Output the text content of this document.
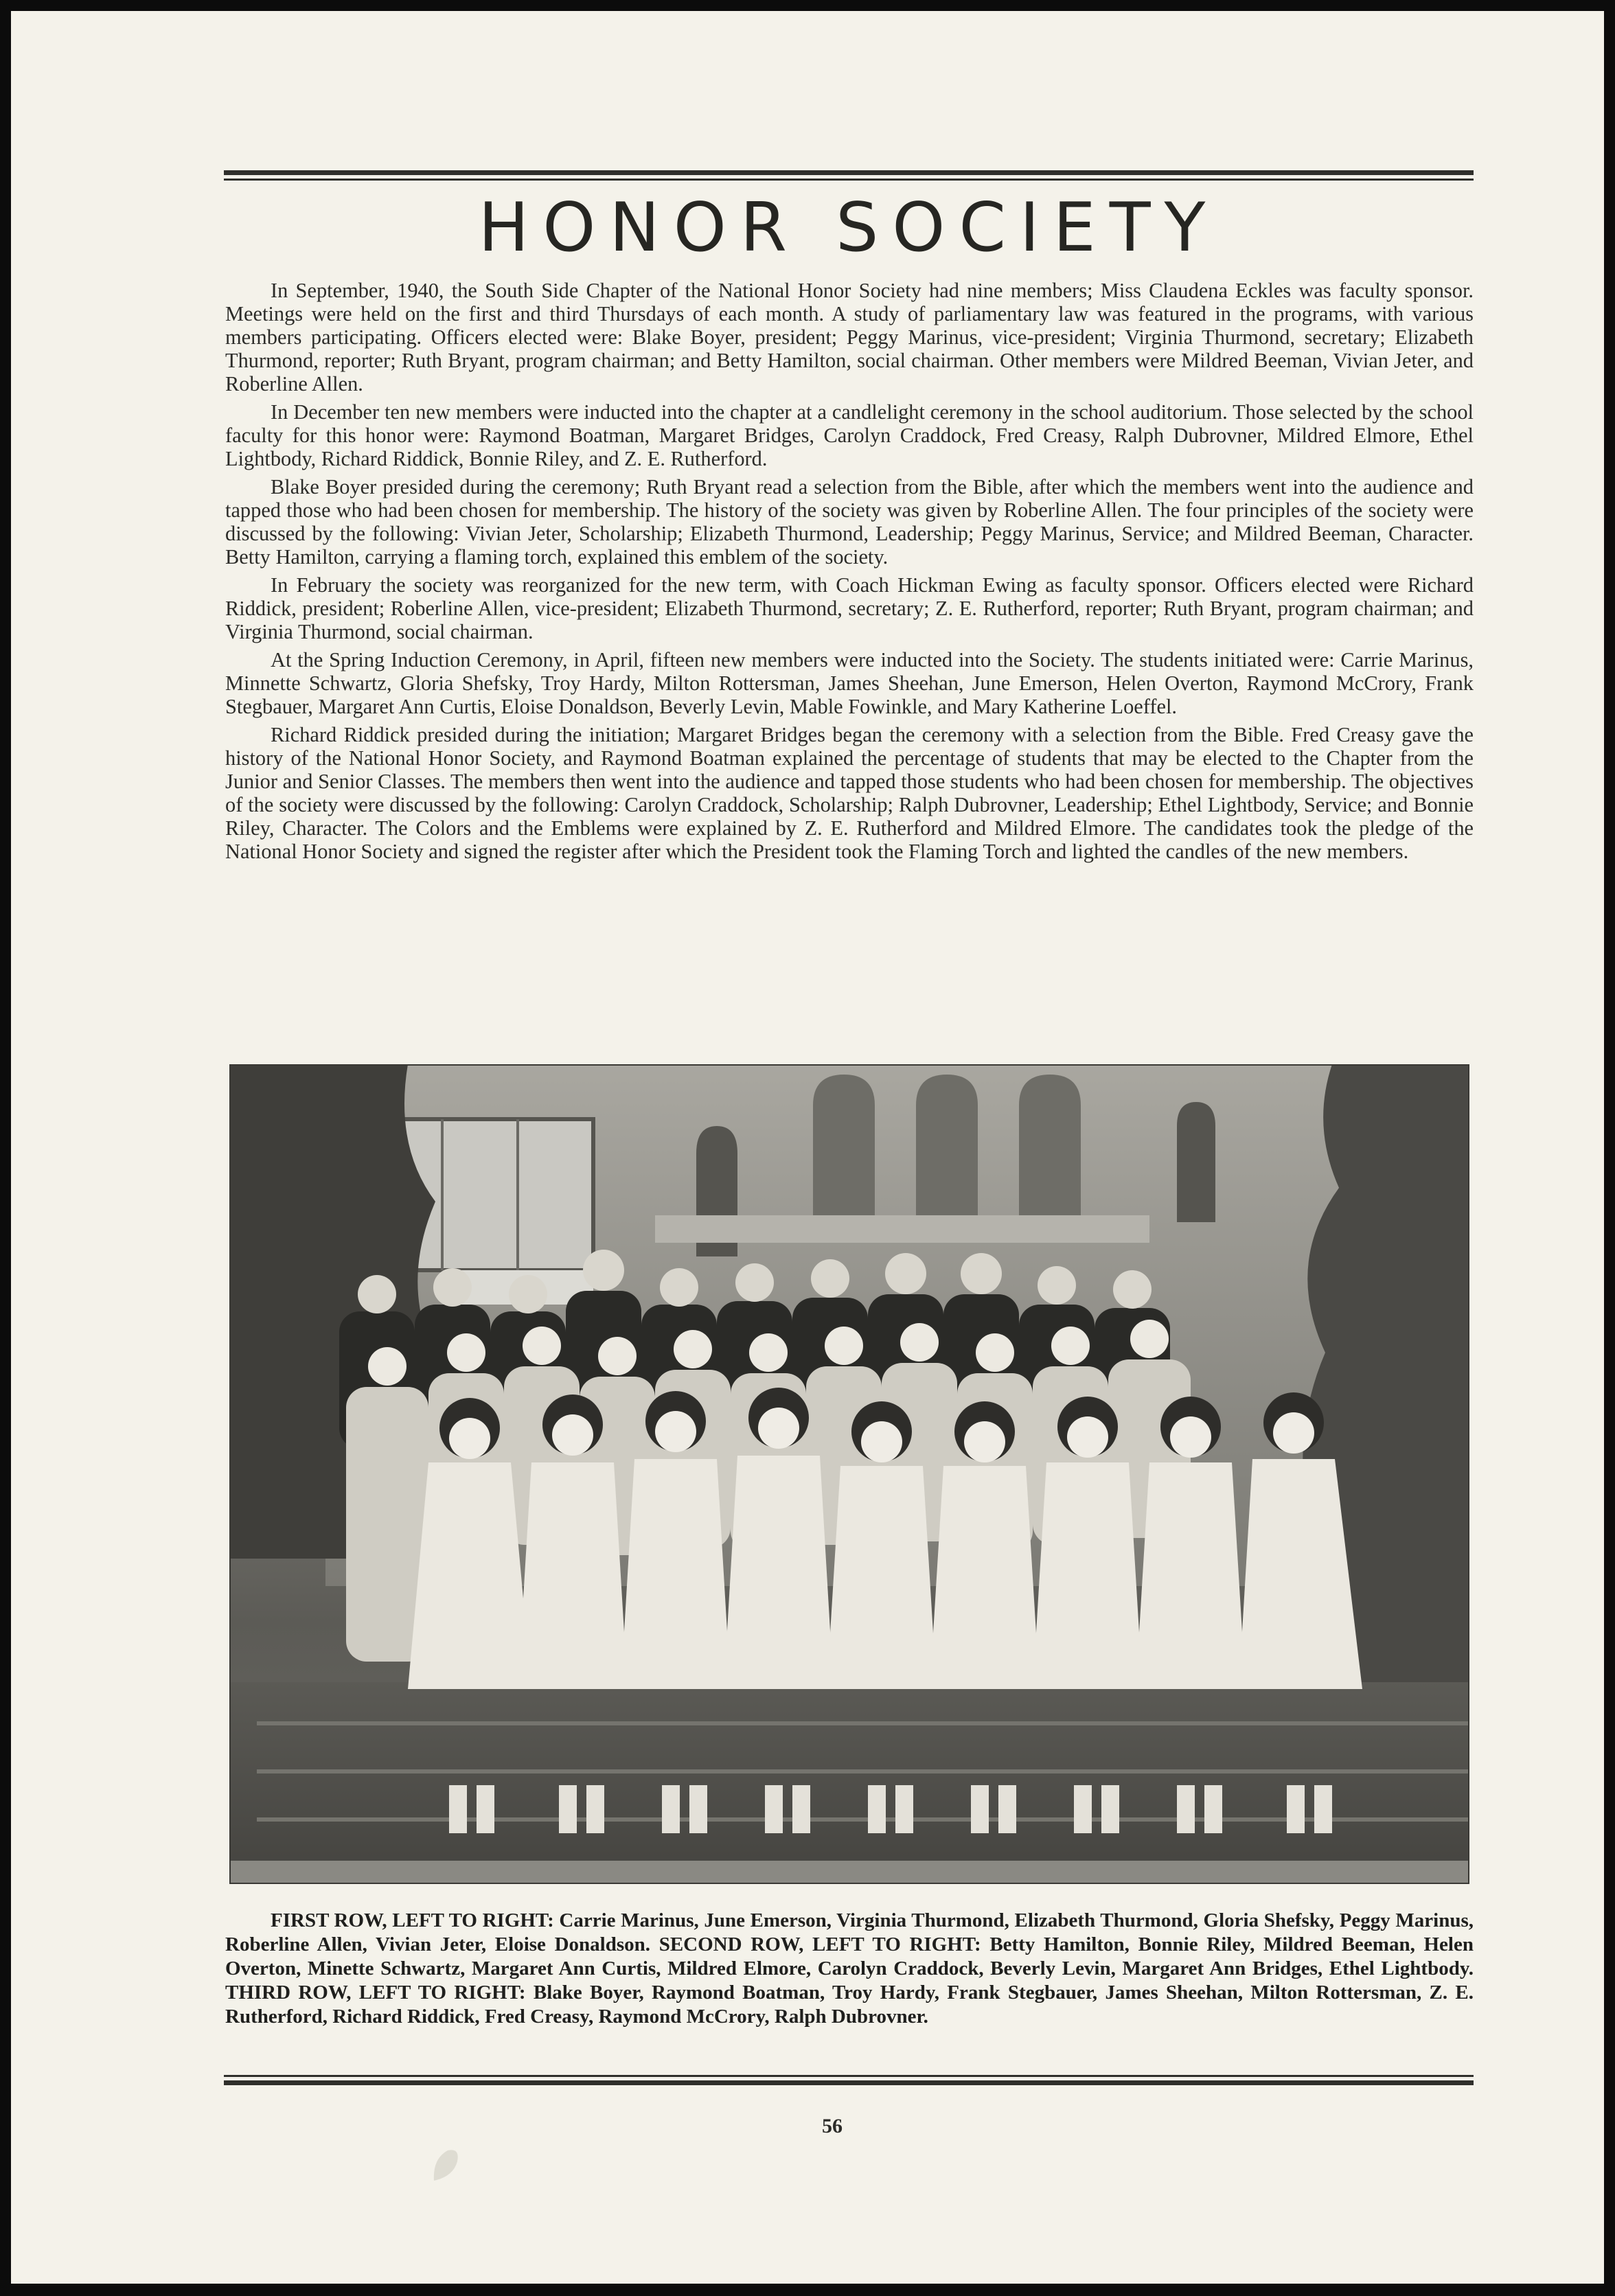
HONOR SOCIETY

In September, 1940, the South Side Chapter of the National Honor Society had nine members; Miss Claudena Eckles was faculty sponsor. Meetings were held on the first and third Thursdays of each month. A study of parliamentary law was featured in the programs, with various members participating. Officers elected were: Blake Boyer, president; Peggy Marinus, vice-president; Virginia Thurmond, secretary; Elizabeth Thurmond, reporter; Ruth Bryant, program chairman; and Betty Hamilton, social chairman. Other members were Mildred Beeman, Vivian Jeter, and Roberline Allen.

In December ten new members were inducted into the chapter at a candlelight ceremony in the school auditorium. Those selected by the school faculty for this honor were: Raymond Boatman, Margaret Bridges, Carolyn Craddock, Fred Creasy, Ralph Dubrovner, Mildred Elmore, Ethel Lightbody, Richard Riddick, Bonnie Riley, and Z. E. Rutherford.

Blake Boyer presided during the ceremony; Ruth Bryant read a selection from the Bible, after which the members went into the audience and tapped those who had been chosen for membership. The history of the society was given by Roberline Allen. The four principles of the society were discussed by the following: Vivian Jeter, Scholarship; Elizabeth Thurmond, Leadership; Peggy Marinus, Service; and Mildred Beeman, Character. Betty Hamilton, carrying a flaming torch, explained this emblem of the society.

In February the society was reorganized for the new term, with Coach Hickman Ewing as faculty sponsor. Officers elected were Richard Riddick, president; Roberline Allen, vice-president; Elizabeth Thurmond, secretary; Z. E. Rutherford, reporter; Ruth Bryant, program chairman; and Virginia Thurmond, social chairman.

At the Spring Induction Ceremony, in April, fifteen new members were inducted into the Society. The students initiated were: Carrie Marinus, Minnette Schwartz, Gloria Shefsky, Troy Hardy, Milton Rottersman, James Sheehan, June Emerson, Helen Overton, Raymond McCrory, Frank Stegbauer, Margaret Ann Curtis, Eloise Donaldson, Beverly Levin, Mable Fowinkle, and Mary Katherine Loeffel.

Richard Riddick presided during the initiation; Margaret Bridges began the ceremony with a selection from the Bible. Fred Creasy gave the history of the National Honor Society, and Raymond Boatman explained the percentage of students that may be elected to the Chapter from the Junior and Senior Classes. The members then went into the audience and tapped those students who had been chosen for membership. The objectives of the society were discussed by the following: Carolyn Craddock, Scholarship; Ralph Dubrovner, Leadership; Ethel Lightbody, Service; and Bonnie Riley, Character. The Colors and the Emblems were explained by Z. E. Rutherford and Mildred Elmore. The candidates took the pledge of the National Honor Society and signed the register after which the President took the Flaming Torch and lighted the candles of the new members.

FIRST ROW, LEFT TO RIGHT: Carrie Marinus, June Emerson, Virginia Thurmond, Elizabeth Thurmond, Gloria Shefsky, Peggy Marinus, Roberline Allen, Vivian Jeter, Eloise Donaldson. SECOND ROW, LEFT TO RIGHT: Betty Hamilton, Bonnie Riley, Mildred Beeman, Helen Overton, Minette Schwartz, Margaret Ann Curtis, Mildred Elmore, Carolyn Craddock, Beverly Levin, Margaret Ann Bridges, Ethel Lightbody. THIRD ROW, LEFT TO RIGHT: Blake Boyer, Raymond Boatman, Troy Hardy, Frank Stegbauer, James Sheehan, Milton Rottersman, Z. E. Rutherford, Richard Riddick, Fred Creasy, Raymond McCrory, Ralph Dubrovner.

56
